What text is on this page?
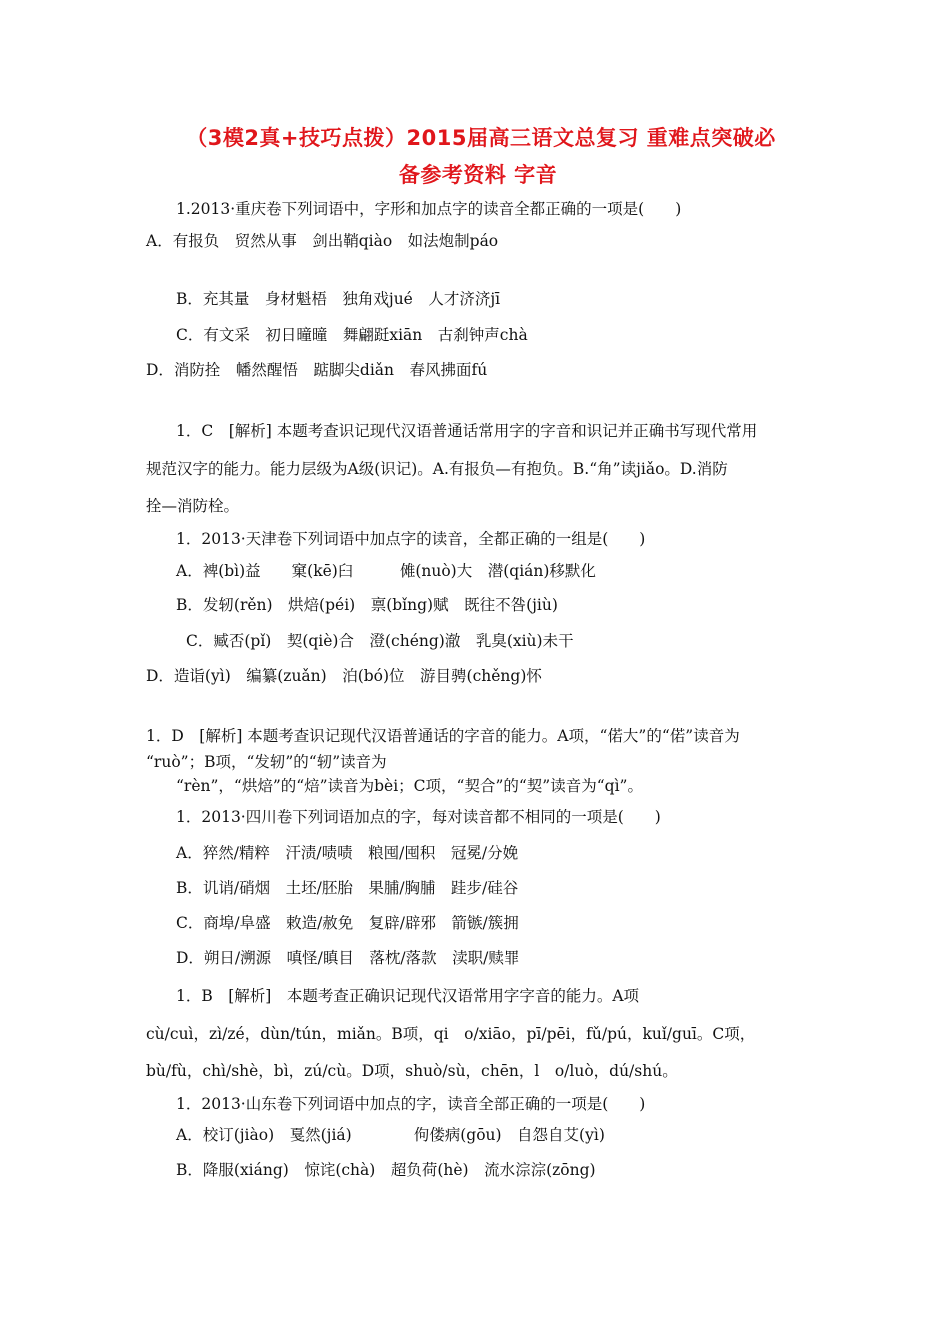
（3模2真+技巧点拨）2015届高三语文总复习 重难点突破必
备参考资料 字音
1.2013·重庆卷下列词语中，字形和加点字的读音全都正确的一项是(　　)
A．有报负　贸然从事　剑出鞘qiào　如法炮制páo
B．充其量　身材魁梧　独角戏jué　人才济济jī
C．有文采　初日曈曈　舞翩跹xiān　古刹钟声chà
D．消防拴　幡然醒悟　踮脚尖diǎn　春风拂面fú
1．C　[解析] 本题考查识记现代汉语普通话常用字的字音和识记并正确书写现代常用
规范汉字的能力。能力层级为A级(识记)。A.有报负—有抱负。B.“角”读jiǎo。D.消防
拴—消防栓。
1．2013·天津卷下列词语中加点字的读音，全都正确的一组是(　　)
A．裨(bì)益　　窠(kē)臼　　　傩(nuò)大　潜(qián)移默化
B．发轫(rěn)　烘焙(péi)　禀(bǐng)赋　既往不咎(jiù)
C．臧否(pǐ)　契(qiè)合　澄(chéng)澈　乳臭(xiù)未干
D．造诣(yì)　编纂(zuǎn)　泊(bó)位　游目骋(chěng)怀
1．D　[解析] 本题考查识记现代汉语普通话的字音的能力。A项，“偌大”的“偌”读音为
“ruò”；B项，“发轫”的“轫”读音为
“rèn”，“烘焙”的“焙”读音为bèi；C项，“契合”的“契”读音为“qì”。
1．2013·四川卷下列词语加点的字，每对读音都不相同的一项是(　　)
A．猝然/精粹　汗渍/啧啧　粮囤/囤积　冠冕/分娩
B．讥诮/硝烟　土坯/胚胎　果脯/胸脯　跬步/硅谷
C．商埠/阜盛　敕造/赦免　复辟/辟邪　箭镞/簇拥
D．朔日/溯源　嗔怪/瞋目　落枕/落款　渎职/赎罪
1．B　[解析]　本题考查正确识记现代汉语常用字字音的能力。A项
cù/cuì，zì/zé，dùn/tún，miǎn。B项，qi　o/xiāo，pī/pēi，fǔ/pú，kuǐ/guī。C项，
bù/fù，chì/shè，bì，zú/cù。D项，shuò/sù，chēn，l　o/luò，dú/shú。
1．2013·山东卷下列词语中加点的字，读音全部正确的一项是(　　)
A．校订(jiào)　戛然(jiá)　　　　佝偻病(gōu)　自怨自艾(yì)
B．降服(xiáng)　惊诧(chà)　超负荷(hè)　流水淙淙(zōng)
